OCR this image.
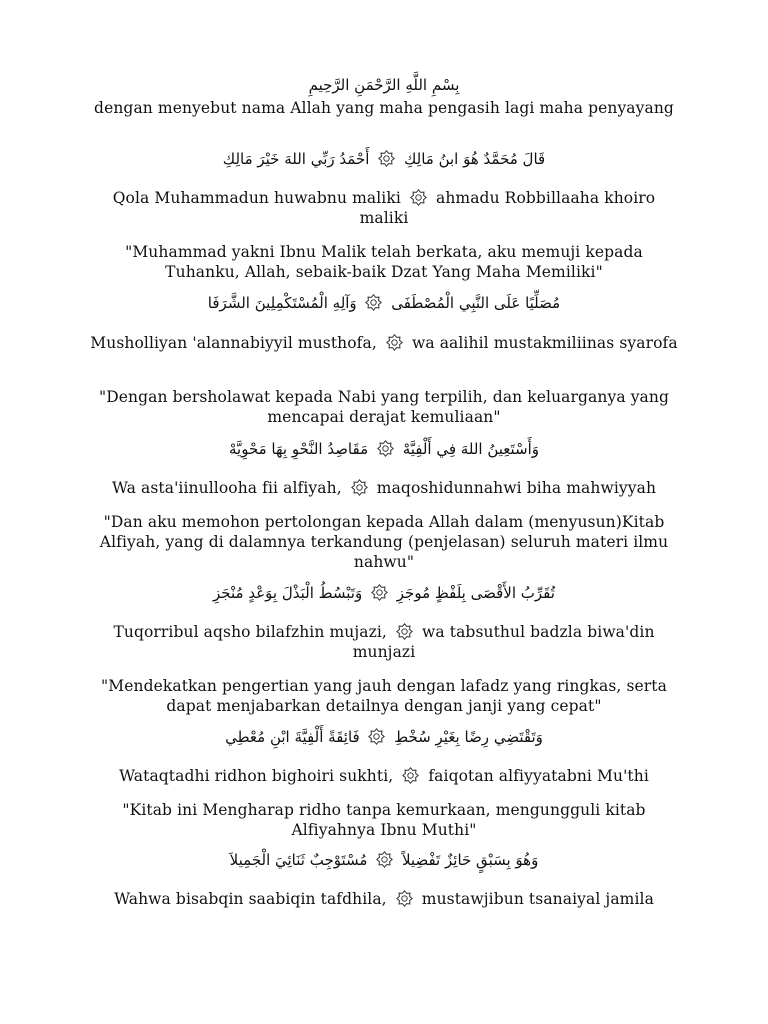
بِسْمِ اللَّهِ الرَّحْمَنِ الرَّحِيمِ
dengan menyebut nama Allah yang maha pengasih lagi maha penyayang
قَالَ مُحَمَّدٌ هُوَ ابنُ مَالِكِ
أَحْمَدُ رَبِّي اللهَ خَيْرَ مَالِكِ
Qola Muhammadun huwabnu maliki ahmadu Robbillaaha khoiro maliki
"Muhammad yakni Ibnu Malik telah berkata, aku memuji kepada Tuhanku, Allah, sebaik-baik Dzat Yang Maha Memiliki"
مُصَلِّيًا عَلَى النَّبِي الْمُصْطَفَى
وَآلِهِ الْمُسْتَكْمِلِينَ الشَّرَفَا
Musholliyan 'alannabiyyil musthofa, wa aalihil mustakmiliinas syarofa
"Dengan bersholawat kepada Nabi yang terpilih, dan keluarganya yang mencapai derajat kemuliaan"
وَأَسْتَعِينُ اللهَ فِي أَلْفِيَّهْ
مَقَاصِدُ النَّحْوِ بِهَا مَحْوِيَّهْ
Wa asta'iinullooha fii alfiyah, maqoshidunnahwi biha mahwiyyah
"Dan aku memohon pertolongan kepada Allah dalam (menyusun)Kitab Alfiyah, yang di dalamnya terkandung (penjelasan) seluruh materi ilmu nahwu"
تُقَرِّبُ الأَقْصَى بِلَفْظٍ مُوجَزِ
وَتَبْسُطُ الْبَذْلَ بِوَعْدٍ مُنْجَزِ
Tuqorribul aqsho bilafzhin mujazi, wa tabsuthul badzla biwa'din munjazi
"Mendekatkan pengertian yang jauh dengan lafadz yang ringkas, serta dapat menjabarkan detailnya dengan janji yang cepat"
وَتَقْتَضِي رِضًا بِغَيْرِ سُخْطِ
فَائِقَةً أَلْفِيَّةَ ابْنِ مُعْطِي
Wataqtadhi ridhon bighoiri sukhti, faiqotan alfiyyatabni Mu'thi
"Kitab ini Mengharap ridho tanpa kemurkaan, mengungguli kitab Alfiyahnya Ibnu Muthi"
وَهُوَ بِسَبْقٍ حَائِزٌ تَفْضِيلاً
مُسْتَوْجِبٌ ثَنَائِيَ الْجَمِيلاَ
Wahwa bisabqin saabiqin tafdhila, mustawjibun tsanaiyal jamila
